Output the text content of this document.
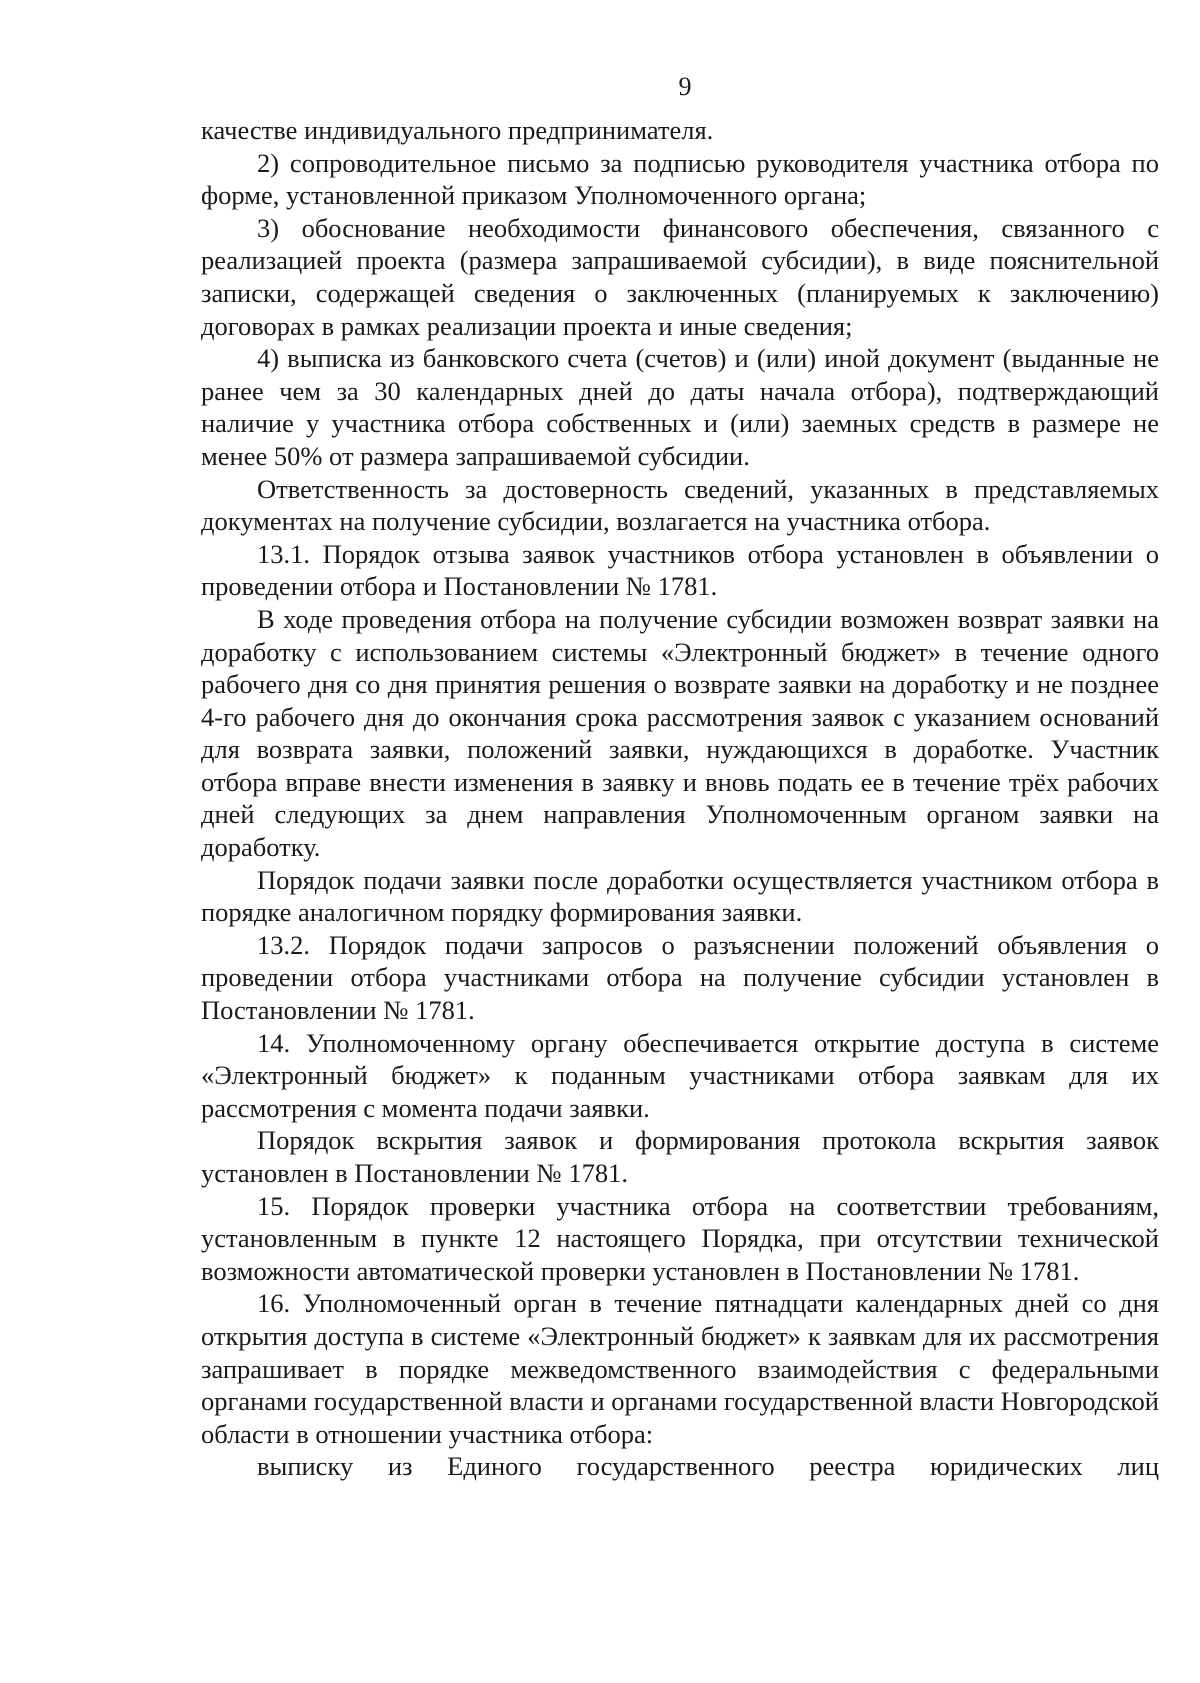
9

качестве индивидуального предпринимателя.

2) сопроводительное письмо за подписью руководителя участника отбора по форме, установленной приказом Уполномоченного органа;

3) обоснование необходимости финансового обеспечения, связанного с реализацией проекта (размера запрашиваемой субсидии), в виде пояснительной записки, содержащей сведения о заключенных (планируемых к заключению) договорах в рамках реализации проекта и иные сведения;

4) выписка из банковского счета (счетов) и (или) иной документ (выданные не ранее чем за 30 календарных дней до даты начала отбора), подтверждающий наличие у участника отбора собственных и (или) заемных средств в размере не менее 50% от размера запрашиваемой субсидии.

Ответственность за достоверность сведений, указанных в представляемых документах на получение субсидии, возлагается на участника отбора.

13.1. Порядок отзыва заявок участников отбора установлен в объявлении о проведении отбора и Постановлении № 1781.

В ходе проведения отбора на получение субсидии возможен возврат заявки на доработку с использованием системы «Электронный бюджет» в течение одного рабочего дня со дня принятия решения о возврате заявки на доработку и не позднее 4-го рабочего дня до окончания срока рассмотрения заявок с указанием оснований для возврата заявки, положений заявки, нуждающихся в доработке. Участник отбора вправе внести изменения в заявку и вновь подать ее в течение трёх рабочих дней следующих за днем направления Уполномоченным органом заявки на доработку.

Порядок подачи заявки после доработки осуществляется участником отбора в порядке аналогичном порядку формирования заявки.

13.2. Порядок подачи запросов о разъяснении положений объявления о проведении отбора участниками отбора на получение субсидии установлен в Постановлении № 1781.

14. Уполномоченному органу обеспечивается открытие доступа в системе «Электронный бюджет» к поданным участниками отбора заявкам для их рассмотрения с момента подачи заявки.

Порядок вскрытия заявок и формирования протокола вскрытия заявок установлен в Постановлении № 1781.

15. Порядок проверки участника отбора на соответствии требованиям, установленным в пункте 12 настоящего Порядка, при отсутствии технической возможности автоматической проверки установлен в Постановлении № 1781.

16. Уполномоченный орган в течение пятнадцати календарных дней со дня открытия доступа в системе «Электронный бюджет» к заявкам для их рассмотрения запрашивает в порядке межведомственного взаимодействия с федеральными органами государственной власти и органами государственной власти Новгородской области в отношении участника отбора:

выписку из Единого государственного реестра юридических лиц
